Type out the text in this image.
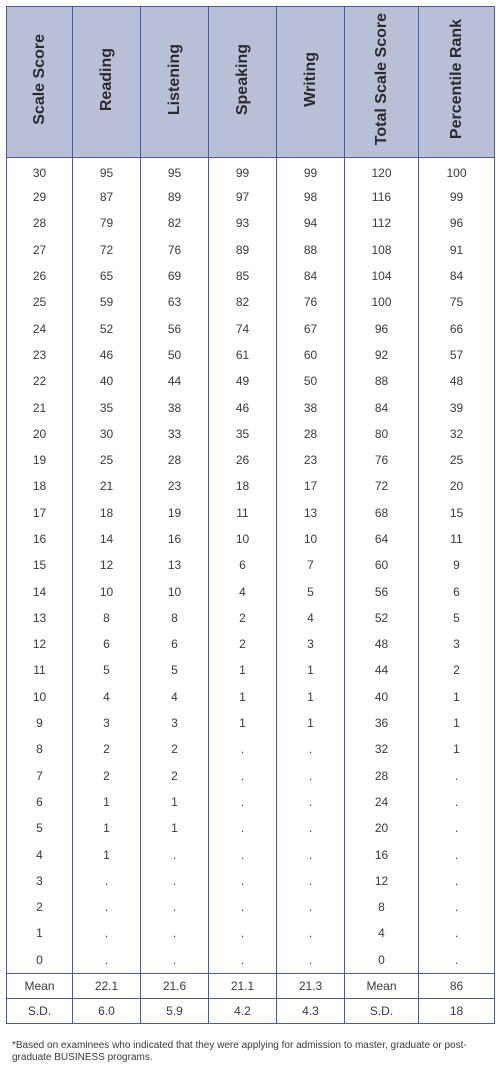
Scale Score	Reading	Listening	Speaking	Writing	Total Scale Score	Percentile Rank
30	95	95	99	99	120	100
29	87	89	97	98	116	99
28	79	82	93	94	112	96
27	72	76	89	88	108	91
26	65	69	85	84	104	84
25	59	63	82	76	100	75
24	52	56	74	67	96	66
23	46	50	61	60	92	57
22	40	44	49	50	88	48
21	35	38	46	38	84	39
20	30	33	35	28	80	32
19	25	28	26	23	76	25
18	21	23	18	17	72	20
17	18	19	11	13	68	15
16	14	16	10	10	64	11
15	12	13	6	7	60	9
14	10	10	4	5	56	6
13	8	8	2	4	52	5
12	6	6	2	3	48	3
11	5	5	1	1	44	2
10	4	4	1	1	40	1
9	3	3	1	1	36	1
8	2	2	.	.	32	1
7	2	2	.	.	28	.
6	1	1	.	.	24	.
5	1	1	.	.	20	.
4	1	.	.	.	16	.
3	.	.	.	.	12	.
2	.	.	.	.	8	.
1	.	.	.	.	4	.
0	.	.	.	.	0	.
Mean	22.1	21.6	21.1	21.3	Mean	86
S.D.	6.0	5.9	4.2	4.3	S.D.	18
*Based on examinees who indicated that they were applying for admission to master, graduate or post-graduate BUSINESS programs.
